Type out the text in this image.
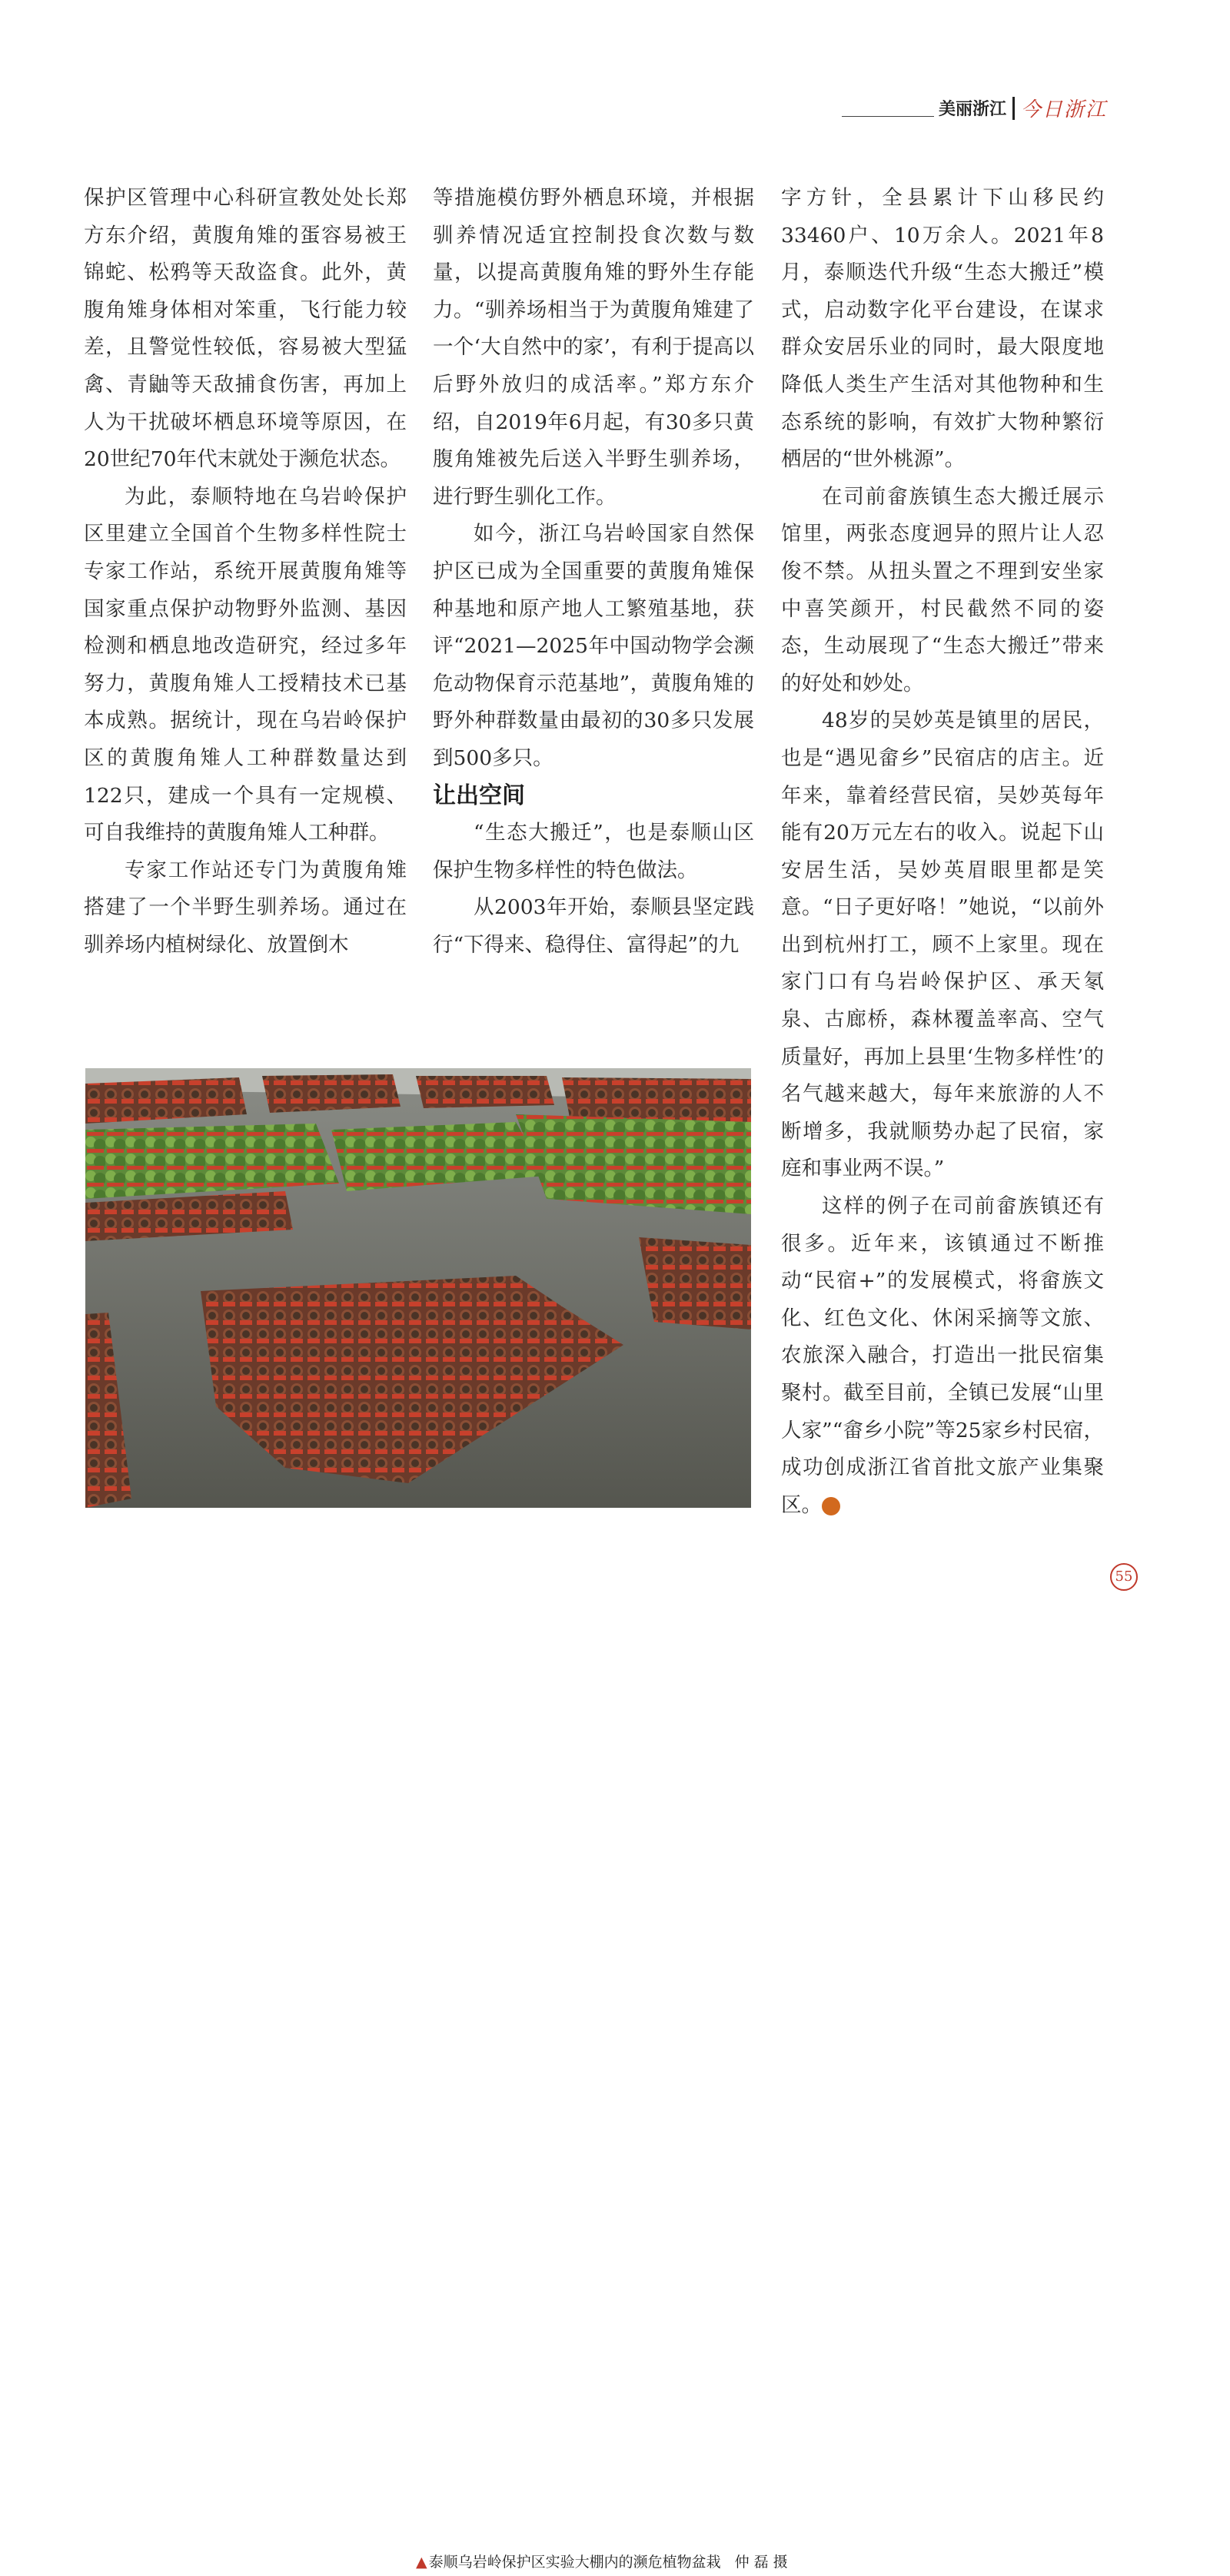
美丽浙江 今日浙江

保护区管理中心科研宣教处处长郑方东介绍，黄腹角雉的蛋容易被王锦蛇、松鸦等天敌盗食。此外，黄腹角雉身体相对笨重，飞行能力较差，且警觉性较低，容易被大型猛禽、青鼬等天敌捕食伤害，再加上人为干扰破坏栖息环境等原因，在20世纪70年代末就处于濒危状态。

为此，泰顺特地在乌岩岭保护区里建立全国首个生物多样性院士专家工作站，系统开展黄腹角雉等国家重点保护动物野外监测、基因检测和栖息地改造研究，经过多年努力，黄腹角雉人工授精技术已基本成熟。据统计，现在乌岩岭保护区的黄腹角雉人工种群数量达到122只，建成一个具有一定规模、可自我维持的黄腹角雉人工种群。

专家工作站还专门为黄腹角雉搭建了一个半野生驯养场。通过在驯养场内植树绿化、放置倒木

等措施模仿野外栖息环境，并根据驯养情况适宜控制投食次数与数量，以提高黄腹角雉的野外生存能力。“驯养场相当于为黄腹角雉建了一个‘大自然中的家’，有利于提高以后野外放归的成活率。”郑方东介绍，自2019年6月起，有30多只黄腹角雉被先后送入半野生驯养场，进行野生驯化工作。

如今，浙江乌岩岭国家自然保护区已成为全国重要的黄腹角雉保种基地和原产地人工繁殖基地，获评“2021—2025年中国动物学会濒危动物保育示范基地”，黄腹角雉的野外种群数量由最初的30多只发展到500多只。

让出空间

“生态大搬迁”，也是泰顺山区保护生物多样性的特色做法。

从2003年开始，泰顺县坚定践行“下得来、稳得住、富得起”的九

字方针，全县累计下山移民约33460户、10万余人。2021年8月，泰顺迭代升级“生态大搬迁”模式，启动数字化平台建设，在谋求群众安居乐业的同时，最大限度地降低人类生产生活对其他物种和生态系统的影响，有效扩大物种繁衍栖居的“世外桃源”。

在司前畲族镇生态大搬迁展示馆里，两张态度迥异的照片让人忍俊不禁。从扭头置之不理到安坐家中喜笑颜开，村民截然不同的姿态，生动展现了“生态大搬迁”带来的好处和妙处。

48岁的吴妙英是镇里的居民，也是“遇见畲乡”民宿店的店主。近年来，靠着经营民宿，吴妙英每年能有20万元左右的收入。说起下山安居生活，吴妙英眉眼里都是笑意。“日子更好咯！”她说，“以前外出到杭州打工，顾不上家里。现在家门口有乌岩岭保护区、承天氡泉、古廊桥，森林覆盖率高、空气质量好，再加上县里‘生物多样性’的名气越来越大，每年来旅游的人不断增多，我就顺势办起了民宿，家庭和事业两不误。”

这样的例子在司前畲族镇还有很多。近年来，该镇通过不断推动“民宿+”的发展模式，将畲族文化、红色文化、休闲采摘等文旅、农旅深入融合，打造出一批民宿集聚村。截至目前，全镇已发展“山里人家”“畲乡小院”等25家乡村民宿，成功创成浙江省首批文旅产业集聚区。	今

▲ 泰顺乌岩岭保护区实验大棚内的濒危植物盆栽 仲磊摄
55
